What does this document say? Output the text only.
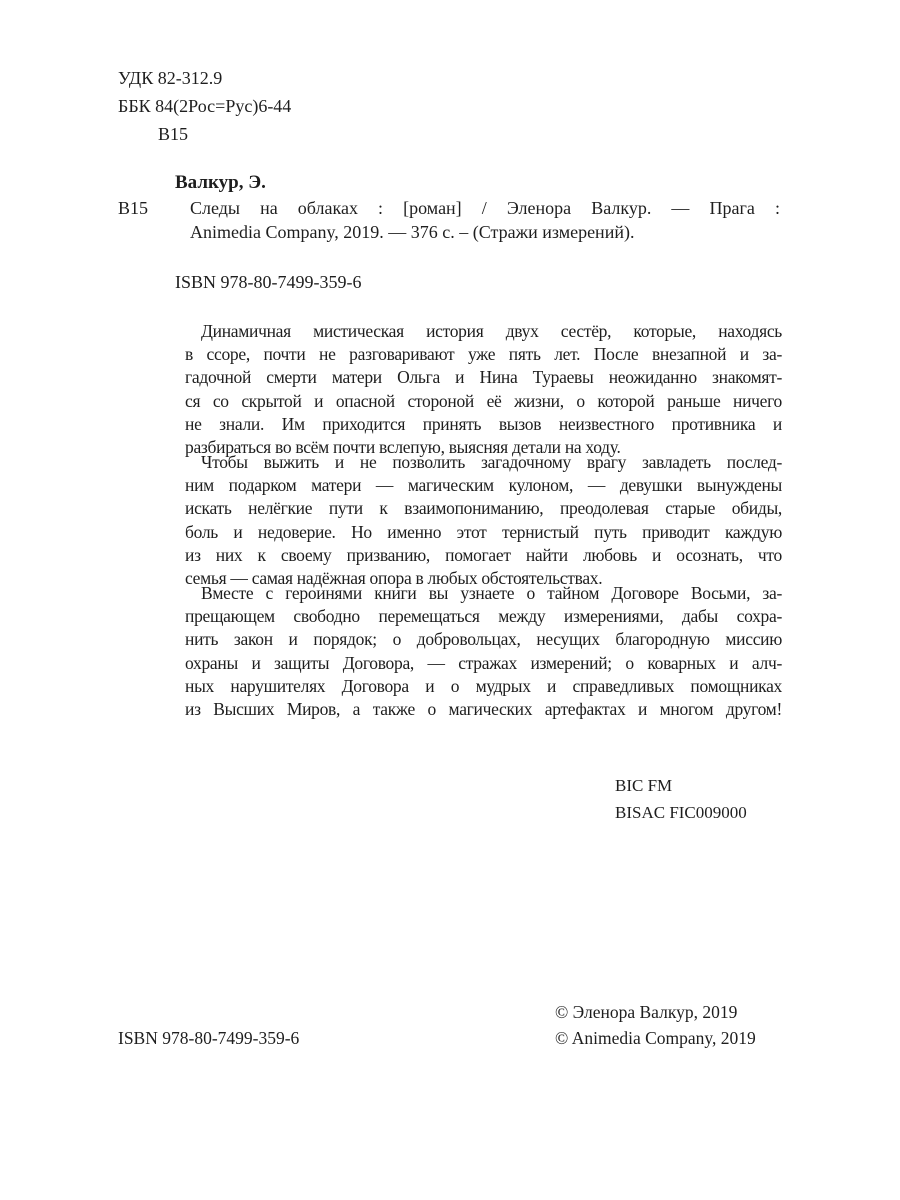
УДК 82-312.9
ББК 84(2Рос=Рус)6-44
В15
Валкур, Э.
В15 Следы на облаках : [роман] / Эленора Валкур. — Прага :
Animedia Company, 2019. — 376 с. – (Стражи измерений).
ISBN 978-80-7499-359-6
Динамичная мистическая история двух сестёр, которые, находясь
в ссоре, почти не разговаривают уже пять лет. После внезапной и за-
гадочной смерти матери Ольга и Нина Тураевы неожиданно знакомят-
ся со скрытой и опасной стороной её жизни, о которой раньше ничего
не знали. Им приходится принять вызов неизвестного противника и
разбираться во всём почти вслепую, выясняя детали на ходу.
Чтобы выжить и не позволить загадочному врагу завладеть послед-
ним подарком матери — магическим кулоном, — девушки вынуждены
искать нелёгкие пути к взаимопониманию, преодолевая старые обиды,
боль и недоверие. Но именно этот тернистый путь приводит каждую
из них к своему призванию, помогает найти любовь и осознать, что
семья — самая надёжная опора в любых обстоятельствах.
Вместе с героинями книги вы узнаете о тайном Договоре Восьми, за-
прещающем свободно перемещаться между измерениями, дабы сохра-
нить закон и порядок; о добровольцах, несущих благородную миссию
охраны и защиты Договора, — стражах измерений; о коварных и алч-
ных нарушителях Договора и о мудрых и справедливых помощниках
из Высших Миров, а также о магических артефактах и многом другом!
BIC FM
BISAC FIC009000
© Эленора Валкур, 2019
ISBN 978-80-7499-359-6	© Animedia Company, 2019
